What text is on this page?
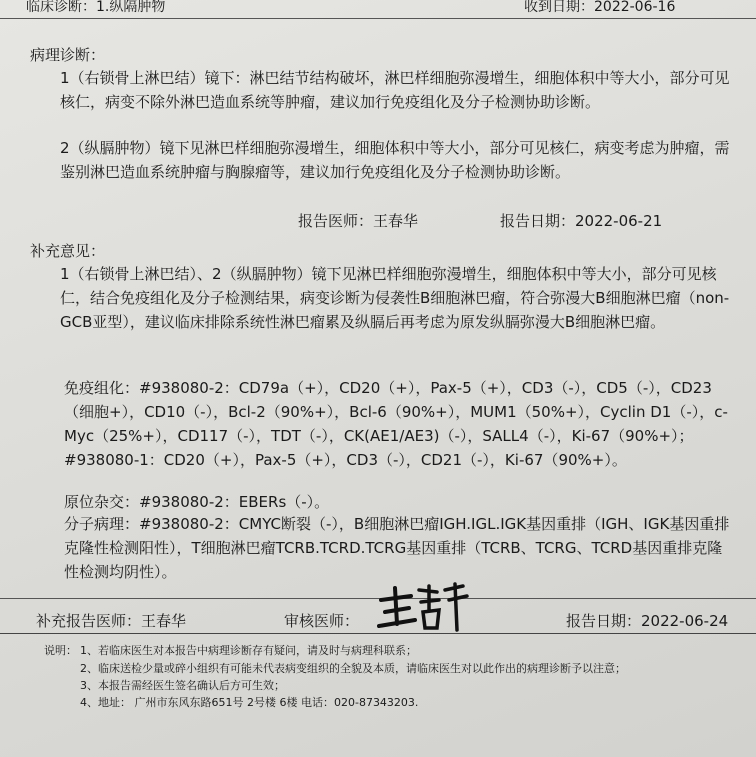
临床诊断：1.纵隔肿物	收到日期：2022-06-16
病理诊断：

1（右锁骨上淋巴结）镜下：淋巴结节结构破坏，淋巴样细胞弥漫增生，细胞体积中等大小，部分可见核仁，病变不除外淋巴造血系统等肿瘤，建议加行免疫组化及分子检测协助诊断。

2（纵膈肿物）镜下见淋巴样细胞弥漫增生，细胞体积中等大小，部分可见核仁，病变考虑为肿瘤，需鉴别淋巴造血系统肿瘤与胸腺瘤等，建议加行免疫组化及分子检测协助诊断。

报告医师：王春华	报告日期：2022-06-21
补充意见：

1（右锁骨上淋巴结）、2（纵膈肿物）镜下见淋巴样细胞弥漫增生，细胞体积中等大小，部分可见核仁，结合免疫组化及分子检测结果，病变诊断为侵袭性B细胞淋巴瘤，符合弥漫大B细胞淋巴瘤（non-GCB亚型），建议临床排除系统性淋巴瘤累及纵膈后再考虑为原发纵膈弥漫大B细胞淋巴瘤。

免疫组化：#938080-2：CD79a（+），CD20（+），Pax-5（+），CD3（-），CD5（-），CD23（细胞+），CD10（-），Bcl-2（90%+），Bcl-6（90%+），MUM1（50%+），Cyclin D1（-），c-Myc（25%+），CD117（-），TDT（-），CK(AE1/AE3)（-），SALL4（-），Ki-67（90%+）；#938080-1：CD20（+），Pax-5（+），CD3（-），CD21（-），Ki-67（90%+）。

原位杂交：#938080-2：EBERs（-）。

分子病理：#938080-2：CMYC断裂（-），B细胞淋巴瘤IGH.IGL.IGK基因重排（IGH、IGK基因重排克隆性检测阳性），T细胞淋巴瘤TCRB.TCRD.TCRG基因重排（TCRB、TCRG、TCRD基因重排克隆性检测均阴性）。

补充报告医师：王春华	审核医师：	报告日期：2022-06-24
说明： 1、若临床医生对本报告中病理诊断存有疑问，请及时与病理科联系；
2、临床送检少量或碎小组织有可能未代表病变组织的全貌及本质，请临床医生对以此作出的病理诊断予以注意；
3、本报告需经医生签名确认后方可生效；
4、地址： 广州市东风东路651号 2号楼 6楼 电话：020-87343203.
